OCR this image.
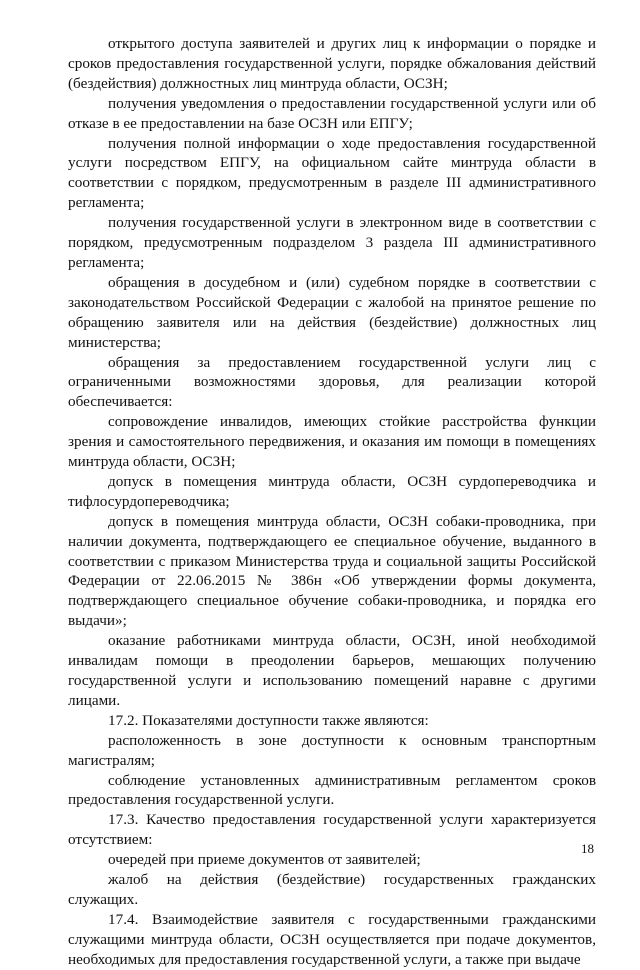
открытого доступа заявителей и других лиц к информации о порядке и сроков предоставления государственной услуги, порядке обжалования действий (бездействия) должностных лиц минтруда области, ОСЗН;

получения уведомления о предоставлении государственной услуги или об отказе в ее предоставлении на базе ОСЗН или ЕПГУ;

получения полной информации о ходе предоставления государственной услуги посредством ЕПГУ, на официальном сайте минтруда области в соответствии с порядком, предусмотренным в разделе III административного регламента;

получения государственной услуги в электронном виде в соответствии с порядком, предусмотренным подразделом 3 раздела III административного регламента;

обращения в досудебном и (или) судебном порядке в соответствии с законодательством Российской Федерации с жалобой на принятое решение по обращению заявителя или на действия (бездействие) должностных лиц министерства;

обращения за предоставлением государственной услуги лиц с ограниченными возможностями здоровья, для реализации которой обеспечивается:

сопровождение инвалидов, имеющих стойкие расстройства функции зрения и самостоятельного передвижения, и оказания им помощи в помещениях минтруда области, ОСЗН;

допуск в помещения минтруда области, ОСЗН сурдопереводчика и тифлосурдопереводчика;

допуск в помещения минтруда области, ОСЗН собаки-проводника, при наличии документа, подтверждающего ее специальное обучение, выданного в соответствии с приказом Министерства труда и социальной защиты Российской Федерации от 22.06.2015 № 386н «Об утверждении формы документа, подтверждающего специальное обучение собаки-проводника, и порядка его выдачи»;

оказание работниками минтруда области, ОСЗН, иной необходимой инвалидам помощи в преодолении барьеров, мешающих получению государственной услуги и использованию помещений наравне с другими лицами.

17.2. Показателями доступности также являются:

расположенность в зоне доступности к основным транспортным магистралям;

соблюдение установленных административным регламентом сроков предоставления государственной услуги.

17.3. Качество предоставления государственной услуги характеризуется отсутствием:

очередей при приеме документов от заявителей;

жалоб на действия (бездействие) государственных гражданских служащих.

17.4. Взаимодействие заявителя с государственными гражданскими служащими минтруда области, ОСЗН осуществляется при подаче документов, необходимых для предоставления государственной услуги, а также при выдаче

18
